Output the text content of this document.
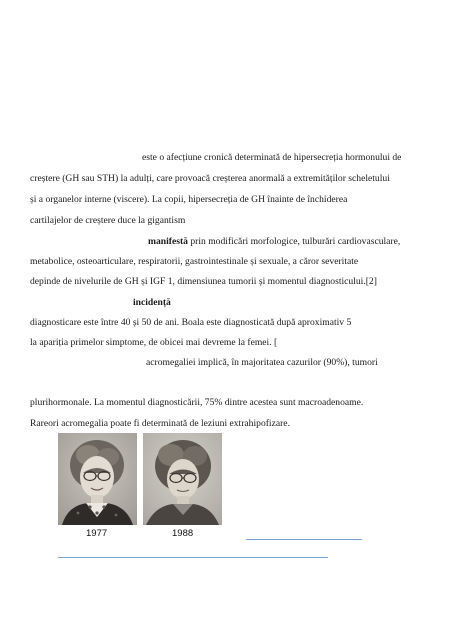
este o afecțiune cronică determinată de hipersecreția hormonului de
creștere (GH sau STH) la adulți, care provoacă creșterea anormală a extremităților scheletului
și a organelor interne (viscere). La copii, hipersecreția de GH înainte de închiderea
cartilajelor de creștere duce la gigantism
manifestă prin modificări morfologice, tulburări cardiovasculare,
metabolice, osteoarticulare, respiratorii, gastrointestinale și sexuale, a căror severitate
depinde de nivelurile de GH și IGF 1, dimensiunea tumorii și momentul diagnosticului.[2]
incidență
diagnosticare este între 40 și 50 de ani. Boala este diagnosticată după aproximativ 5
la apariția primelor simptome, de obicei mai devreme la femei. [
acromegaliei implică, în majoritatea cazurilor (90%), tumori
plurihormonale. La momentul diagnosticării, 75% dintre acestea sunt macroadenoame.
Rareori acromegalia poate fi determinată de leziuni extrahipofizare.
1977	1988
